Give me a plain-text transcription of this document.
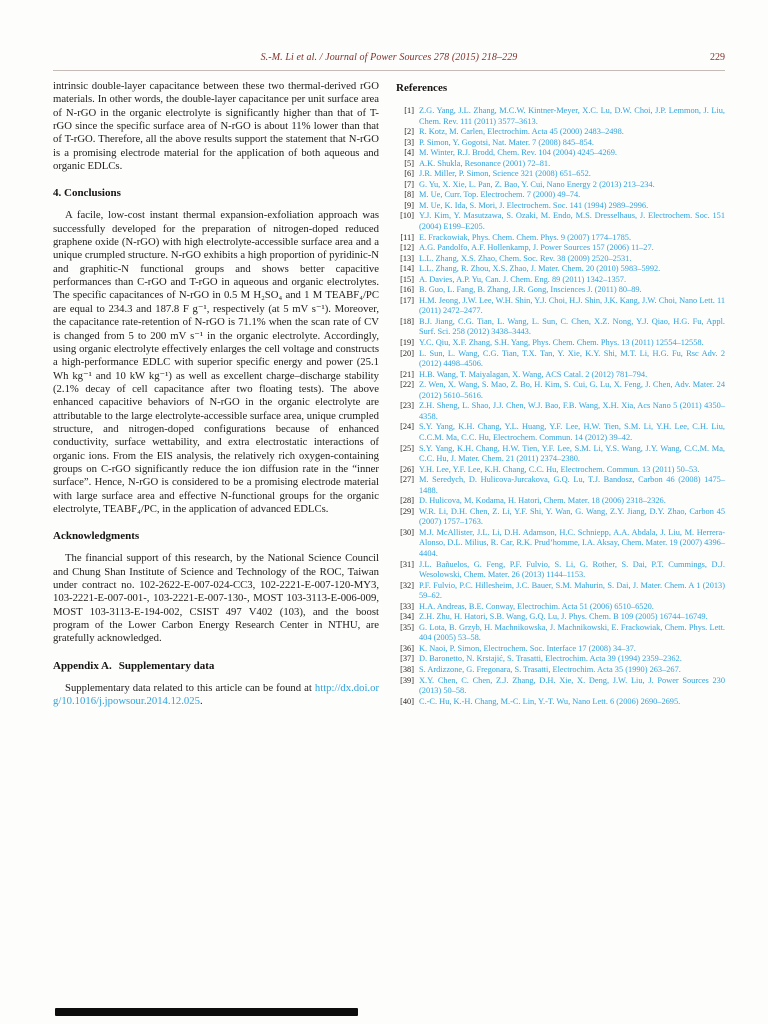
S.-M. Li et al. / Journal of Power Sources 278 (2015) 218–229	229

intrinsic double-layer capacitance between these two thermal-derived rGO materials. In other words, the double-layer capacitance per unit surface area of N-rGO in the organic electrolyte is significantly higher than that of T-rGO since the specific surface area of N-rGO is about 11% lower than that of T-rGO. Therefore, all the above results support the statement that N-rGO is a promising electrode material for the application of both aqueous and organic EDLCs.

4. Conclusions

A facile, low-cost instant thermal expansion-exfoliation approach was successfully developed for the preparation of nitrogen-doped reduced graphene oxide (N-rGO) with high electrolyte-accessible surface area and a unique crumpled structure. N-rGO exhibits a high proportion of pyridinic-N and graphitic-N functional groups and shows better capacitive performances than C-rGO and T-rGO in aqueous and organic electrolytes. The specific capacitances of N-rGO in 0.5 M H₂SO₄ and 1 M TEABF₄/PC are equal to 234.3 and 187.8 F g⁻¹, respectively (at 5 mV s⁻¹). Moreover, the capacitance rate-retention of N-rGO is 71.1% when the scan rate of CV is changed from 5 to 200 mV s⁻¹ in the organic electrolyte. Accordingly, using organic electrolyte effectively enlarges the cell voltage and constructs a high-performance EDLC with superior specific energy and power (25.1 Wh kg⁻¹ and 10 kW kg⁻¹) as well as excellent charge–discharge stability (2.1% decay of cell capacitance after two floating tests). The above enhanced capacitive behaviors of N-rGO in the organic electrolyte are attributable to the large electrolyte-accessible surface area, unique crumpled structure, and nitrogen-doped configurations because of enhanced conductivity, surface wettability, and extra electrostatic interactions of organic ions. From the EIS analysis, the relatively rich oxygen-containing groups on C-rGO significantly reduce the ion diffusion rate in the “inner surface”. Hence, N-rGO is considered to be a promising electrode material with large surface area and effective N-functional groups for the organic electrolyte, TEABF₄/PC, in the application of advanced EDLCs.

Acknowledgments

The financial support of this research, by the National Science Council and Chung Shan Institute of Science and Technology of the ROC, Taiwan under contract no. 102-2622-E-007-024-CC3, 102-2221-E-007-120-MY3, 103-2221-E-007-001-, 103-2221-E-007-130-, MOST 103-3113-E-006-009, MOST 103-3113-E-194-002, CSIST 497 V402 (103), and the boost program of the Lower Carbon Energy Research Center in NTHU, are gratefully acknowledged.

Appendix A. Supplementary data

Supplementary data related to this article can be found at http://dx.doi.org/10.1016/j.jpowsour.2014.12.025.

References
[1] Z.G. Yang, J.L. Zhang, M.C.W. Kintner-Meyer, X.C. Lu, D.W. Choi, J.P. Lemmon, J. Liu, Chem. Rev. 111 (2011) 3577–3613.
[2] R. Kotz, M. Carlen, Electrochim. Acta 45 (2000) 2483–2498.
[3] P. Simon, Y. Gogotsi, Nat. Mater. 7 (2008) 845–854.
[4] M. Winter, R.J. Brodd, Chem. Rev. 104 (2004) 4245–4269.
[5] A.K. Shukla, Resonance (2001) 72–81.
[6] J.R. Miller, P. Simon, Science 321 (2008) 651–652.
[7] G. Yu, X. Xie, L. Pan, Z. Bao, Y. Cui, Nano Energy 2 (2013) 213–234.
[8] M. Ue, Curr. Top. Electrochem. 7 (2000) 49–74.
[9] M. Ue, K. Ida, S. Mori, J. Electrochem. Soc. 141 (1994) 2989–2996.
[10] Y.J. Kim, Y. Masutzawa, S. Ozaki, M. Endo, M.S. Dresselhaus, J. Electrochem. Soc. 151 (2004) E199–E205.
[11] E. Frackowiak, Phys. Chem. Chem. Phys. 9 (2007) 1774–1785.
[12] A.G. Pandolfo, A.F. Hollenkamp, J. Power Sources 157 (2006) 11–27.
[13] L.L. Zhang, X.S. Zhao, Chem. Soc. Rev. 38 (2009) 2520–2531.
[14] L.L. Zhang, R. Zhou, X.S. Zhao, J. Mater. Chem. 20 (2010) 5983–5992.
[15] A. Davies, A.P. Yu, Can. J. Chem. Eng. 89 (2011) 1342–1357.
[16] B. Guo, L. Fang, B. Zhang, J.R. Gong, Insciences J. (2011) 80–89.
[17] H.M. Jeong, J.W. Lee, W.H. Shin, Y.J. Choi, H.J. Shin, J.K. Kang, J.W. Choi, Nano Lett. 11 (2011) 2472–2477.
[18] B.J. Jiang, C.G. Tian, L. Wang, L. Sun, C. Chen, X.Z. Nong, Y.J. Qiao, H.G. Fu, Appl. Surf. Sci. 258 (2012) 3438–3443.
[19] Y.C. Qiu, X.F. Zhang, S.H. Yang, Phys. Chem. Chem. Phys. 13 (2011) 12554–12558.
[20] L. Sun, L. Wang, C.G. Tian, T.X. Tan, Y. Xie, K.Y. Shi, M.T. Li, H.G. Fu, Rsc Adv. 2 (2012) 4498–4506.
[21] H.B. Wang, T. Maiyalagan, X. Wang, ACS Catal. 2 (2012) 781–794.
[22] Z. Wen, X. Wang, S. Mao, Z. Bo, H. Kim, S. Cui, G. Lu, X. Feng, J. Chen, Adv. Mater. 24 (2012) 5610–5616.
[23] Z.H. Sheng, L. Shao, J.J. Chen, W.J. Bao, F.B. Wang, X.H. Xia, Acs Nano 5 (2011) 4350–4358.
[24] S.Y. Yang, K.H. Chang, Y.L. Huang, Y.F. Lee, H.W. Tien, S.M. Li, Y.H. Lee, C.H. Liu, C.C.M. Ma, C.C. Hu, Electrochem. Commun. 14 (2012) 39–42.
[25] S.Y. Yang, K.H. Chang, H.W. Tien, Y.F. Lee, S.M. Li, Y.S. Wang, J.Y. Wang, C.C.M. Ma, C.C. Hu, J. Mater. Chem. 21 (2011) 2374–2380.
[26] Y.H. Lee, Y.F. Lee, K.H. Chang, C.C. Hu, Electrochem. Commun. 13 (2011) 50–53.
[27] M. Seredych, D. Hulicova-Jurcakova, G.Q. Lu, T.J. Bandosz, Carbon 46 (2008) 1475–1488.
[28] D. Hulicova, M. Kodama, H. Hatori, Chem. Mater. 18 (2006) 2318–2326.
[29] W.R. Li, D.H. Chen, Z. Li, Y.F. Shi, Y. Wan, G. Wang, Z.Y. Jiang, D.Y. Zhao, Carbon 45 (2007) 1757–1763.
[30] M.J. McAllister, J.L. Li, D.H. Adamson, H.C. Schniepp, A.A. Abdala, J. Liu, M. Herrera-Alonso, D.L. Milius, R. Car, R.K. Prud’homme, I.A. Aksay, Chem. Mater. 19 (2007) 4396–4404.
[31] J.L. Bañuelos, G. Feng, P.F. Fulvio, S. Li, G. Rother, S. Dai, P.T. Cummings, D.J. Wesolowski, Chem. Mater. 26 (2013) 1144–1153.
[32] P.F. Fulvio, P.C. Hillesheim, J.C. Bauer, S.M. Mahurin, S. Dai, J. Mater. Chem. A 1 (2013) 59–62.
[33] H.A. Andreas, B.E. Conway, Electrochim. Acta 51 (2006) 6510–6520.
[34] Z.H. Zhu, H. Hatori, S.B. Wang, G.Q. Lu, J. Phys. Chem. B 109 (2005) 16744–16749.
[35] G. Lota, B. Grzyb, H. Machnikowska, J. Machnikowski, E. Frackowiak, Chem. Phys. Lett. 404 (2005) 53–58.
[36] K. Naoi, P. Simon, Electrochem. Soc. Interface 17 (2008) 34–37.
[37] D. Baronetto, N. Krstajić, S. Trasatti, Electrochim. Acta 39 (1994) 2359–2362.
[38] S. Ardizzone, G. Fregonara, S. Trasatti, Electrochim. Acta 35 (1990) 263–267.
[39] X.Y. Chen, C. Chen, Z.J. Zhang, D.H. Xie, X. Deng, J.W. Liu, J. Power Sources 230 (2013) 50–58.
[40] C.-C. Hu, K.-H. Chang, M.-C. Lin, Y.-T. Wu, Nano Lett. 6 (2006) 2690–2695.
